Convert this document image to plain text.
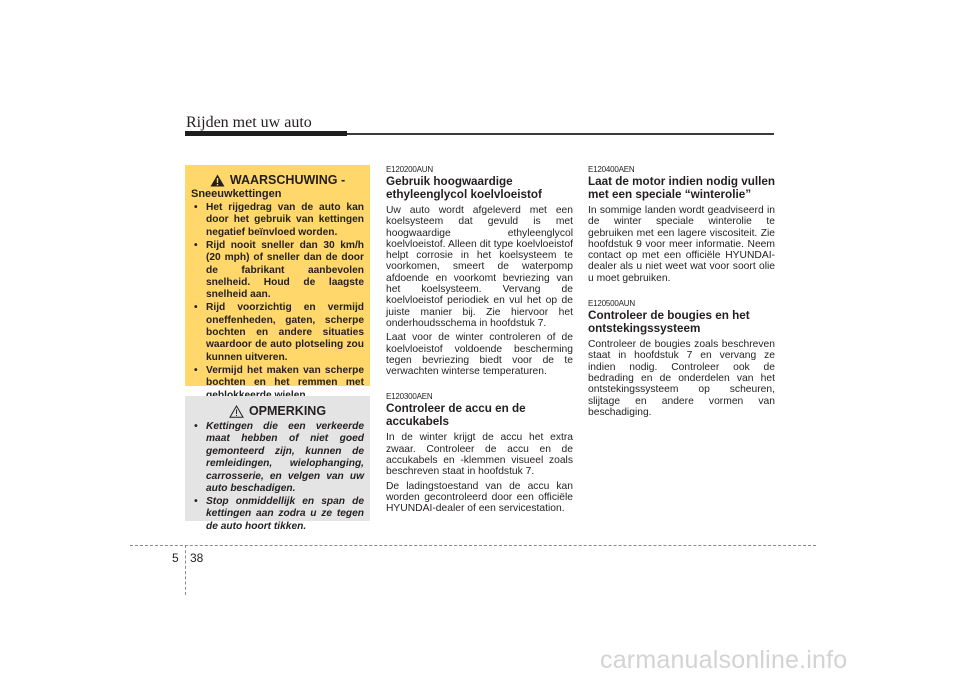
Rijden met uw auto
WAARSCHUWING -
Sneeuwkettingen
• Het rijgedrag van de auto kan door het gebruik van kettingen negatief beïnvloed worden.
• Rijd nooit sneller dan 30 km/h (20 mph) of sneller dan de door de fabrikant aanbevolen snelheid. Houd de laagste snelheid aan.
• Rijd voorzichtig en vermijd oneffenheden, gaten, scherpe bochten en andere situaties waardoor de auto plotseling zou kunnen uitveren.
• Vermijd het maken van scherpe bochten en het remmen met
OPMERKING
• Kettingen die een verkeerde maat hebben of niet goed gemonteerd zijn, kunnen de remleidingen, wielophanging, carrosserie, en velgen van uw auto beschadigen.
• Stop onmiddellijk en span de kettingen aan zodra u ze tegen de auto hoort tikken.
E120200AUN
Gebruik hoogwaardige ethyleenglycol koelvloeistof

Uw auto wordt afgeleverd met een koelsysteem dat gevuld is met hoogwaardige ethyleenglycol koelvloeistof. Alleen dit type koelvloeistof helpt corrosie in het koelsysteem te voorkomen, smeert de waterpomp afdoende en voorkomt bevriezing van het koelsysteem. Vervang de koelvloeistof periodiek en vul het op de juiste manier bij. Zie hiervoor het onderhoudsschema in hoofdstuk 7.

Laat voor de winter controleren of de koelvloeistof voldoende bescherming tegen bevriezing biedt voor de te verwachten winterse temperaturen.

E120300AEN
Controleer de accu en de accukabels

In de winter krijgt de accu het extra zwaar. Controleer de accu en de accukabels en -klemmen visueel zoals beschreven staat in hoofdstuk 7.

De ladingstoestand van de accu kan worden gecontroleerd door een officiële HYUNDAI-dealer of een servicestation.

E120400AEN
Laat de motor indien nodig vullen met een speciale “winterolie”

In sommige landen wordt geadviseerd in de winter speciale winterolie te gebruiken met een lagere viscositeit. Zie hoofdstuk 9 voor meer informatie. Neem contact op met een officiële HYUNDAI-dealer als u niet weet wat voor soort olie u moet gebruiken.

E120500AUN
Controleer de bougies en het ontstekingssysteem

Controleer de bougies zoals beschreven staat in hoofdstuk 7 en vervang ze indien nodig. Controleer ook de bedrading en de onderdelen van het ontstekingssysteem op scheuren, slijtage en andere vormen van beschadiging.

5 38
carmanualsonline.info
